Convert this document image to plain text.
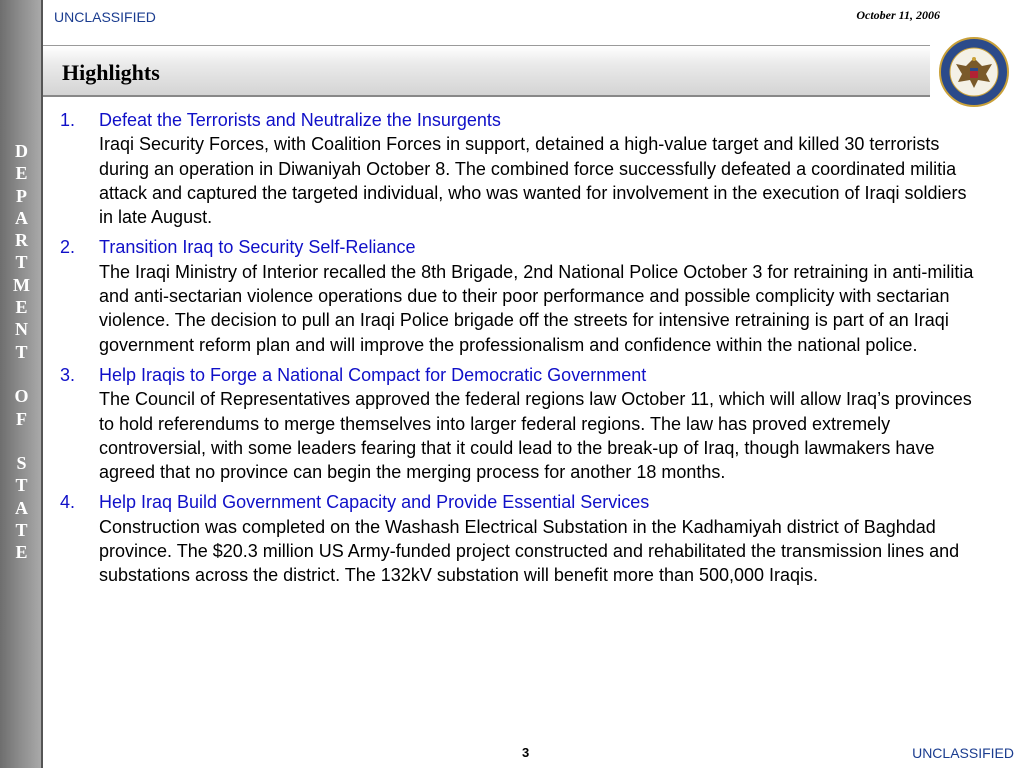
D
E
P
A
R
T
M
E
N
T
O
F
S
T
A
T
E
UNCLASSIFIED	October 11, 2006
Highlights
1.	Defeat the Terrorists and Neutralize the Insurgents
Iraqi Security Forces, with Coalition Forces in support, detained a high-value target and killed 30 terrorists during an operation in Diwaniyah October 8. The combined force successfully defeated a coordinated militia attack and captured the targeted individual, who was wanted for involvement in the execution of Iraqi soldiers in late August.
2.	Transition Iraq to Security Self-Reliance
The Iraqi Ministry of Interior recalled the 8th Brigade, 2nd National Police October 3 for retraining in anti-militia and anti-sectarian violence operations due to their poor performance and possible complicity with sectarian violence. The decision to pull an Iraqi Police brigade off the streets for intensive retraining is part of an Iraqi government reform plan and will improve the professionalism and confidence within the national police.
3.	Help Iraqis to Forge a National Compact for Democratic Government
The Council of Representatives approved the federal regions law October 11, which will allow Iraq’s provinces to hold referendums to merge themselves into larger federal regions. The law has proved extremely controversial, with some leaders fearing that it could lead to the break-up of Iraq, though lawmakers have agreed that no province can begin the merging process for another 18 months.
4.	Help Iraq Build Government Capacity and Provide Essential Services
Construction was completed on the Washash Electrical Substation in the Kadhamiyah district of Baghdad province. The $20.3 million US Army-funded project constructed and rehabilitated the transmission lines and substations across the district. The 132kV substation will benefit more than 500,000 Iraqis.
3	UNCLASSIFIED
